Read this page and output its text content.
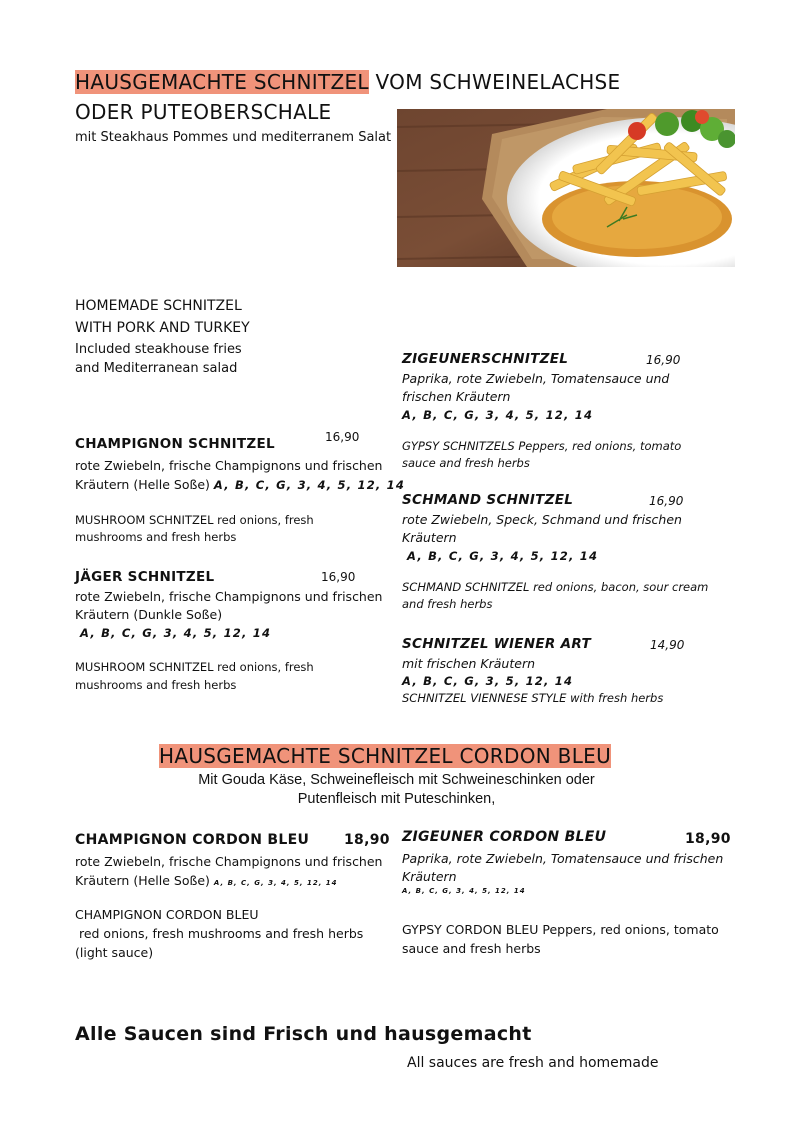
HAUSGEMACHTE SCHNITZEL VOM SCHWEINELACHSE
ODER PUTEOBERSCHALE
mit Steakhaus Pommes und mediterranem Salat
HOMEMADE SCHNITZEL
WITH PORK AND TURKEY
Included steakhouse fries
and Mediterranean salad
CHAMPIGNON SCHNITZEL	16,90
rote Zwiebeln, frische Champignons und frischen
Kräutern (Helle Soße) A, B, C, G, 3, 4, 5, 12, 14
MUSHROOM SCHNITZEL red onions, fresh
mushrooms and fresh herbs
JÄGER SCHNITZEL	16,90
rote Zwiebeln, frische Champignons und frischen
Kräutern (Dunkle Soße)
A, B, C, G, 3, 4, 5, 12, 14
MUSHROOM SCHNITZEL red onions, fresh
mushrooms and fresh herbs
ZIGEUNERSCHNITZEL	16,90
Paprika, rote Zwiebeln, Tomatensauce und
frischen Kräutern
A, B, C, G, 3, 4, 5, 12, 14
GYPSY SCHNITZELS Peppers, red onions, tomato
sauce and fresh herbs
SCHMAND SCHNITZEL	16,90
rote Zwiebeln, Speck, Schmand und frischen
Kräutern
A, B, C, G, 3, 4, 5, 12, 14
SCHMAND SCHNITZEL red onions, bacon, sour cream
and fresh herbs
SCHNITZEL WIENER ART	14,90
mit frischen Kräutern
A, B, C, G, 3, 5, 12, 14
SCHNITZEL VIENNESE STYLE with fresh herbs
HAUSGEMACHTE SCHNITZEL CORDON BLEU
Mit Gouda Käse, Schweinefleisch mit Schweineschinken oder
Putenfleisch mit Puteschinken,
CHAMPIGNON CORDON BLEU 18,90
rote Zwiebeln, frische Champignons und frischen
Kräutern (Helle Soße) A, B, C, G, 3, 4, 5, 12, 14
CHAMPIGNON CORDON BLEU
red onions, fresh mushrooms and fresh herbs
(light sauce)
ZIGEUNER CORDON BLEU	18,90
Paprika, rote Zwiebeln, Tomatensauce und frischen
Kräutern
A, B, C, G, 3, 4, 5, 12, 14
GYPSY CORDON BLEU Peppers, red onions, tomato
sauce and fresh herbs
Alle Saucen sind Frisch und hausgemacht
All sauces are fresh and homemade
